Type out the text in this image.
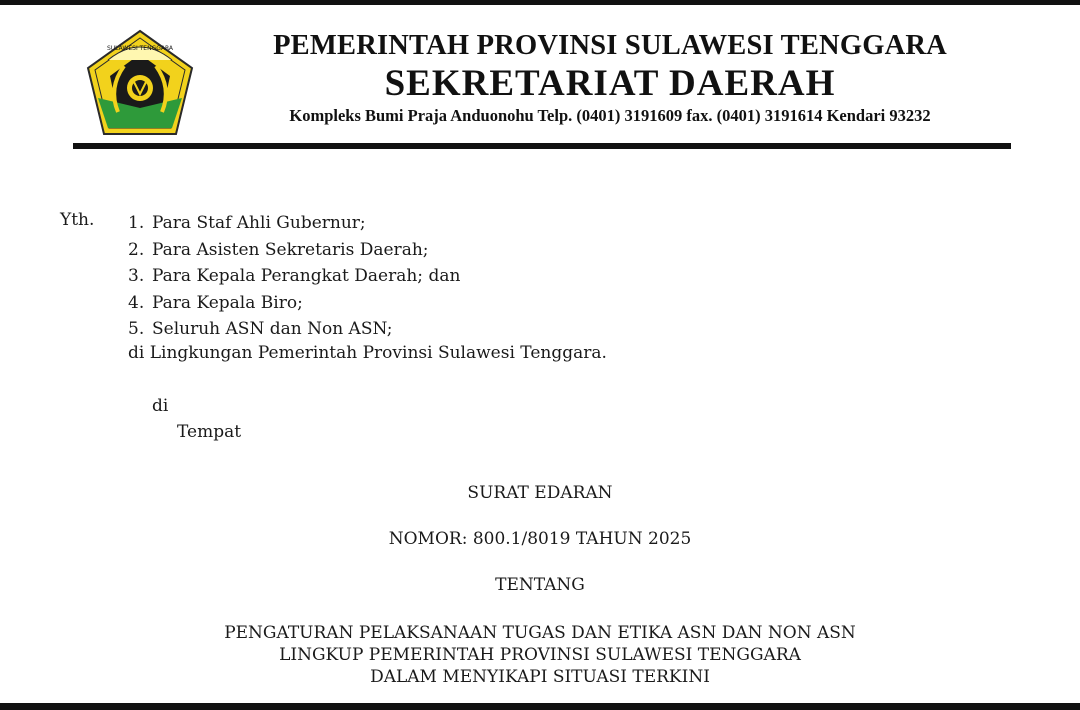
SULAWESI TENGGARA	PEMERINTAH PROVINSI SULAWESI TENGGARA
SEKRETARIAT DAERAH
Kompleks Bumi Praja Anduonohu Telp. (0401) 3191609 fax. (0401) 3191614 Kendari 93232
Yth. 1. Para Staf Ahli Gubernur;
2. Para Asisten Sekretaris Daerah;
3. Para Kepala Perangkat Daerah; dan
4. Para Kepala Biro;
5. Seluruh ASN dan Non ASN;
di Lingkungan Pemerintah Provinsi Sulawesi Tenggara.
di
Tempat
SURAT EDARAN
NOMOR: 800.1/8019 TAHUN 2025
TENTANG
PENGATURAN PELAKSANAAN TUGAS DAN ETIKA ASN DAN NON ASN
LINGKUP PEMERINTAH PROVINSI SULAWESI TENGGARA
DALAM MENYIKAPI SITUASI TERKINI
